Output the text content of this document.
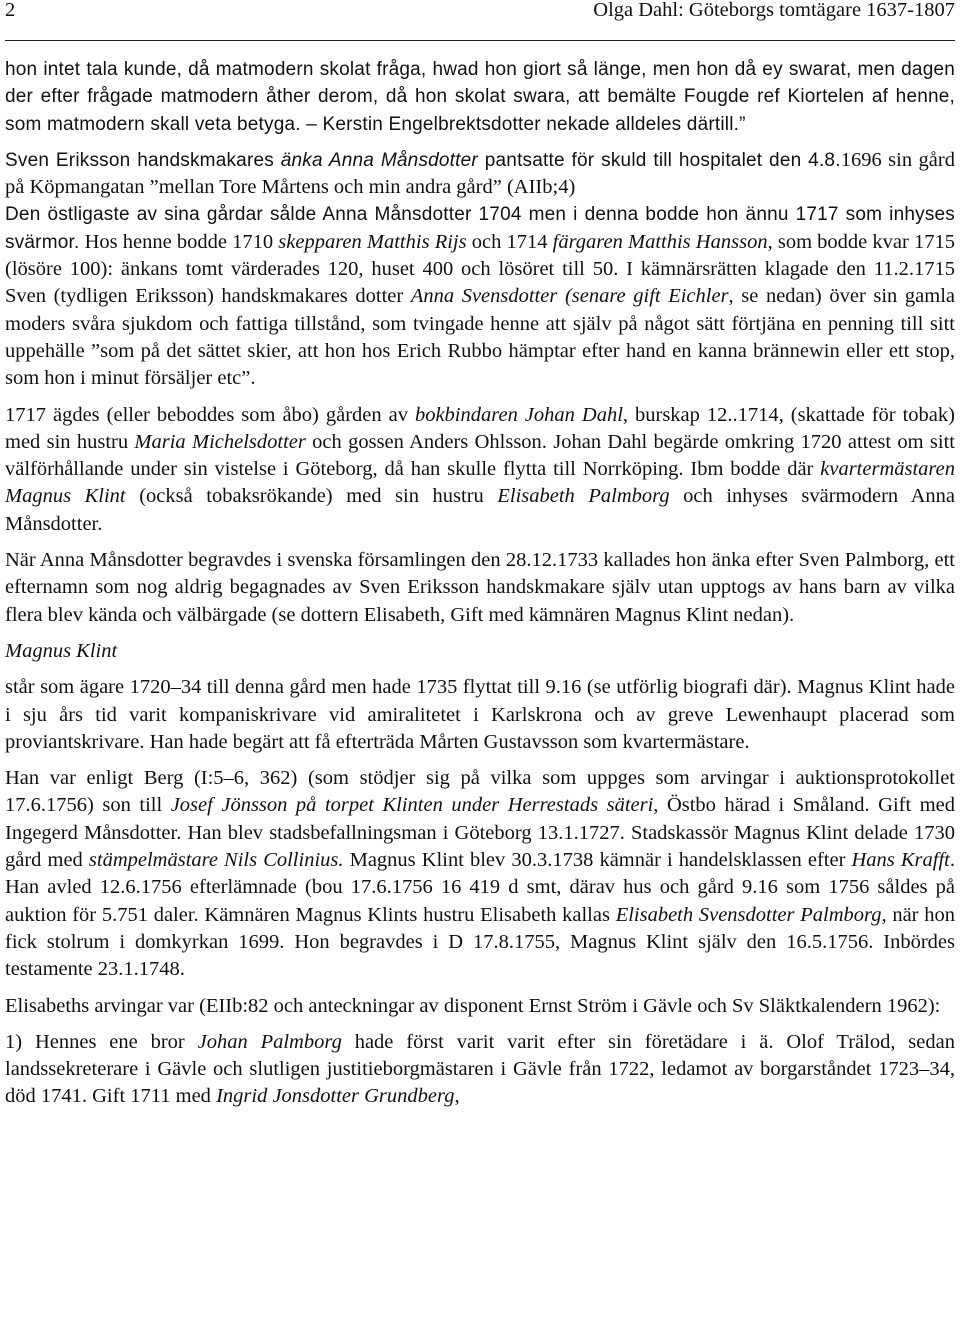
2	Olga Dahl: Göteborgs tomtägare 1637-1807

hon intet tala kunde, då matmodern skolat fråga, hwad hon giort så länge, men hon då ey swarat, men dagen der efter frågade matmodern åther derom, då hon skolat swara, att bemälte Fougde ref Kiortelen af henne, som matmodern skall veta betyga. – Kerstin Engelbrektsdotter nekade alldeles därtill.”

Sven Eriksson handskmakares änka Anna Månsdotter pantsatte för skuld till hospitalet den 4.8.1696 sin gård på Köpmangatan ”mellan Tore Mårtens och min andra gård” (AIIb;4)

Den östligaste av sina gårdar sålde Anna Månsdotter 1704 men i denna bodde hon ännu 1717 som inhyses svärmor. Hos henne bodde 1710 skepparen Matthis Rijs och 1714 färgaren Matthis Hansson, som bodde kvar 1715 (lösöre 100): änkans tomt värderades 120, huset 400 och lösöret till 50. I kämnärsrätten klagade den 11.2.1715 Sven (tydligen Eriksson) handskmakares dotter Anna Svensdotter (senare gift Eichler, se nedan) över sin gamla moders svåra sjukdom och fattiga tillstånd, som tvingade henne att själv på något sätt förtjäna en penning till sitt uppehälle ”som på det sättet skier, att hon hos Erich Rubbo hämptar efter hand en kanna brännewin eller ett stop, som hon i minut försäljer etc”.

1717 ägdes (eller beboddes som åbo) gården av bokbindaren Johan Dahl, burskap 12..1714, (skattade för tobak) med sin hustru Maria Michelsdotter och gossen Anders Ohlsson. Johan Dahl begärde omkring 1720 attest om sitt välförhållande under sin vistelse i Göteborg, då han skulle flytta till Norrköping. Ibm bodde där kvartermästaren Magnus Klint (också tobaksrökande) med sin hustru Elisabeth Palmborg och inhyses svärmodern Anna Månsdotter.

När Anna Månsdotter begravdes i svenska församlingen den 28.12.1733 kallades hon änka efter Sven Palmborg, ett efternamn som nog aldrig begagnades av Sven Eriksson handskmakare själv utan upptogs av hans barn av vilka flera blev kända och välbärgade (se dottern Elisabeth, Gift med kämnären Magnus Klint nedan).

Magnus Klint

står som ägare 1720–34 till denna gård men hade 1735 flyttat till 9.16 (se utförlig biografi där). Magnus Klint hade i sju års tid varit kompaniskrivare vid amiralitetet i Karlskrona och av greve Lewenhaupt placerad som proviantskrivare. Han hade begärt att få efterträda Mårten Gustavsson som kvartermästare.

Han var enligt Berg (I:5–6, 362) (som stödjer sig på vilka som uppges som arvingar i auktionsprotokollet 17.6.1756) son till Josef Jönsson på torpet Klinten under Herrestads säteri, Östbo härad i Småland. Gift med Ingegerd Månsdotter. Han blev stadsbefallningsman i Göteborg 13.1.1727. Stadskassör Magnus Klint delade 1730 gård med stämpelmästare Nils Collinius. Magnus Klint blev 30.3.1738 kämnär i handelsklassen efter Hans Krafft. Han avled 12.6.1756 efterlämnade (bou 17.6.1756 16 419 d smt, därav hus och gård 9.16 som 1756 såldes på auktion för 5.751 daler. Kämnären Magnus Klints hustru Elisabeth kallas Elisabeth Svensdotter Palmborg, när hon fick stolrum i domkyrkan 1699. Hon begravdes i D 17.8.1755, Magnus Klint själv den 16.5.1756. Inbördes testamente 23.1.1748.

Elisabeths arvingar var (EIIb:82 och anteckningar av disponent Ernst Ström i Gävle och Sv Släktkalendern 1962):

1) Hennes ene bror Johan Palmborg hade först varit varit efter sin företädare i ä. Olof Trälod, sedan landssekreterare i Gävle och slutligen justitieborgmästaren i Gävle från 1722, ledamot av borgarståndet 1723–34, död 1741. Gift 1711 med Ingrid Jonsdotter Grundberg,
